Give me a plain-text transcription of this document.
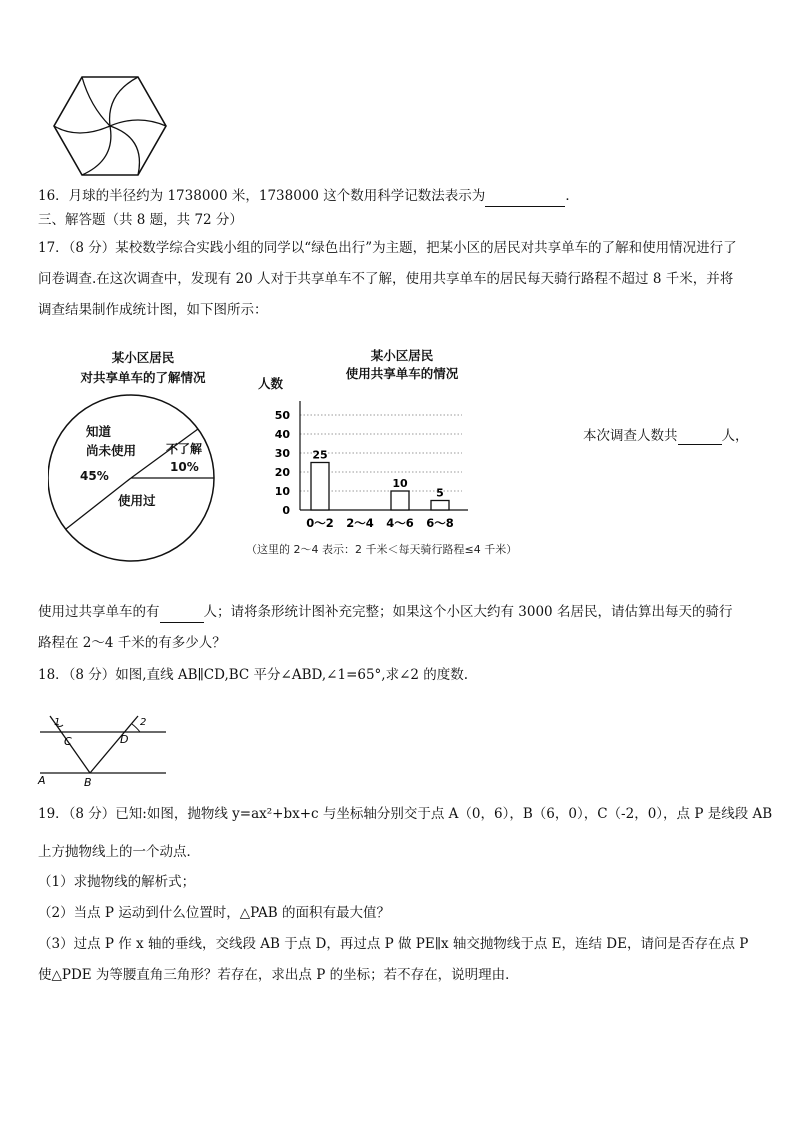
16．月球的半径约为 1738000 米，1738000 这个数用科学记数法表示为	．
三、解答题（共 8 题，共 72 分）
17．（8 分）某校数学综合实践小组的同学以“绿色出行”为主题，把某小区的居民对共享单车的了解和使用情况进行了
问卷调查.在这次调查中，发现有 20 人对于共享单车不了解，使用共享单车的居民每天骑行路程不超过 8 千米，并将
调查结果制作成统计图，如下图所示：
某小区居民
对共享单车的了解情况
知道
尚未使用
45%
不了解
10%
使用过
某小区居民
使用共享单车的情况
人数
0
10
20
30
40
50
0～2
25
2～4 4～6
10
6～8
5
（这里的 2～4 表示：2 千米＜每天骑行路程≤4 千米）
本次调查人数共	人，
使用过共享单车的有	人；请将条形统计图补充完整；如果这个小区大约有 3000 名居民，请估算出每天的骑行
路程在 2～4 千米的有多少人？
18．（8 分）如图,直线 AB∥CD,BC 平分∠ABD,∠1=65°,求∠2 的度数.
1	2
C	D
A	B
19．（8 分）已知:如图，抛物线 y=ax²+bx+c 与坐标轴分别交于点 A（0，6），B（6，0），C（-2，0），点 P 是线段 AB
上方抛物线上的一个动点．
（1）求抛物线的解析式；
（2）当点 P 运动到什么位置时，△PAB 的面积有最大值？
（3）过点 P 作 x 轴的垂线，交线段 AB 于点 D，再过点 P 做 PE∥x 轴交抛物线于点 E，连结 DE，请问是否存在点 P
使△PDE 为等腰直角三角形？若存在，求出点 P 的坐标；若不存在，说明理由．
